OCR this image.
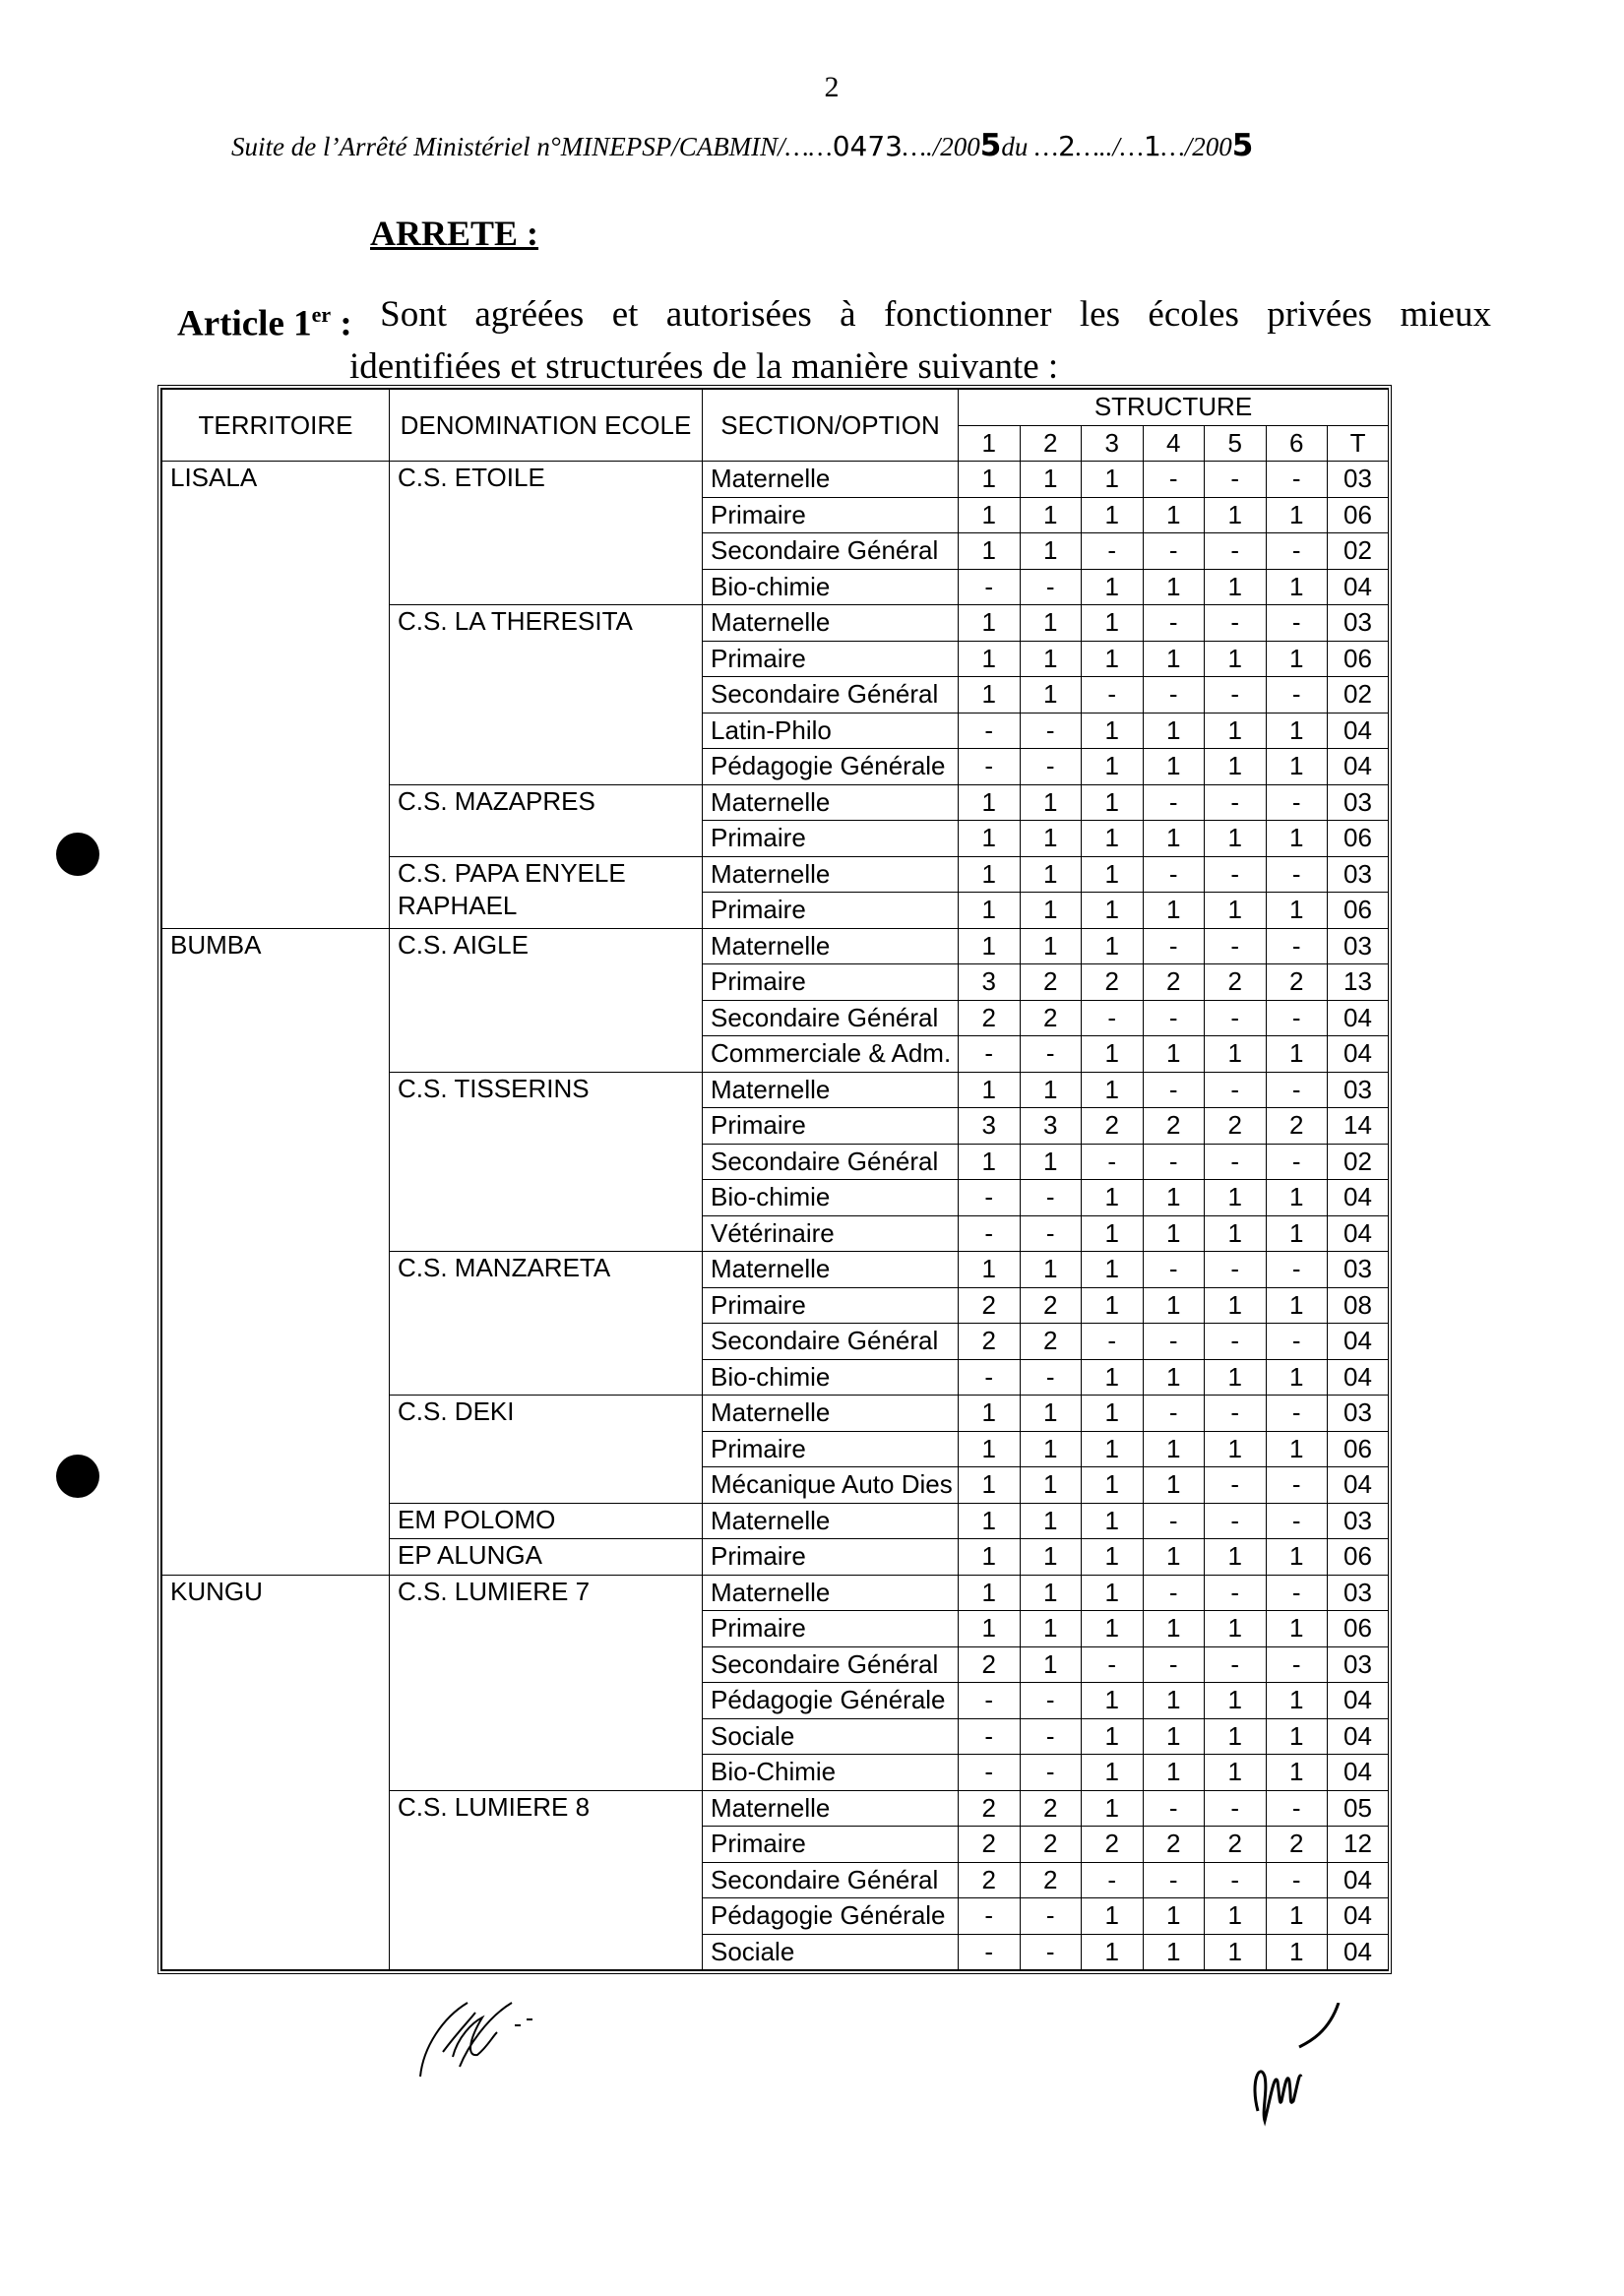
2
Suite de l’Arrêté Ministériel n°MINEPSP/CABMIN/……0473…./2005du …2…../…1…/2005
ARRETE :
Article 1er : Sont agréées et autorisées à fonctionner les écoles privées mieux
identifiées et structurées de la manière suivante :
TERRITOIRE	DENOMINATION ECOLE	SECTION/OPTION	STRUCTURE						
			1	2	3	4	5	6	T
LISALA	C.S. ETOILE	Maternelle	1	1	1	-	-	-	03
		Primaire	1	1	1	1	1	1	06
		Secondaire Général	1	1	-	-	-	-	02
		Bio-chimie	-	-	1	1	1	1	04
	C.S. LA THERESITA	Maternelle	1	1	1	-	-	-	03
		Primaire	1	1	1	1	1	1	06
		Secondaire Général	1	1	-	-	-	-	02
		Latin-Philo	-	-	1	1	1	1	04
		Pédagogie Générale	-	-	1	1	1	1	04
	C.S. MAZAPRES	Maternelle	1	1	1	-	-	-	03
		Primaire	1	1	1	1	1	1	06
	C.S. PAPA ENYELE RAPHAEL	Maternelle	1	1	1	-	-	-	03
		Primaire	1	1	1	1	1	1	06
BUMBA	C.S. AIGLE	Maternelle	1	1	1	-	-	-	03
		Primaire	3	2	2	2	2	2	13
		Secondaire Général	2	2	-	-	-	-	04
		Commerciale & Adm.	-	-	1	1	1	1	04
	C.S. TISSERINS	Maternelle	1	1	1	-	-	-	03
		Primaire	3	3	2	2	2	2	14
		Secondaire Général	1	1	-	-	-	-	02
		Bio-chimie	-	-	1	1	1	1	04
		Vétérinaire	-	-	1	1	1	1	04
	C.S. MANZARETA	Maternelle	1	1	1	-	-	-	03
		Primaire	2	2	1	1	1	1	08
		Secondaire Général	2	2	-	-	-	-	04
		Bio-chimie	-	-	1	1	1	1	04
	C.S. DEKI	Maternelle	1	1	1	-	-	-	03
		Primaire	1	1	1	1	1	1	06
		Mécanique Auto Dies	1	1	1	1	-	-	04
	EM POLOMO	Maternelle	1	1	1	-	-	-	03
	EP ALUNGA	Primaire	1	1	1	1	1	1	06
KUNGU	C.S. LUMIERE 7	Maternelle	1	1	1	-	-	-	03
		Primaire	1	1	1	1	1	1	06
		Secondaire Général	2	1	-	-	-	-	03
		Pédagogie Générale	-	-	1	1	1	1	04
		Sociale	-	-	1	1	1	1	04
		Bio-Chimie	-	-	1	1	1	1	04
	C.S. LUMIERE 8	Maternelle	2	2	1	-	-	-	05
		Primaire	2	2	2	2	2	2	12
		Secondaire Général	2	2	-	-	-	-	04
		Pédagogie Générale	-	-	1	1	1	1	04
		Sociale	-	-	1	1	1	1	04
